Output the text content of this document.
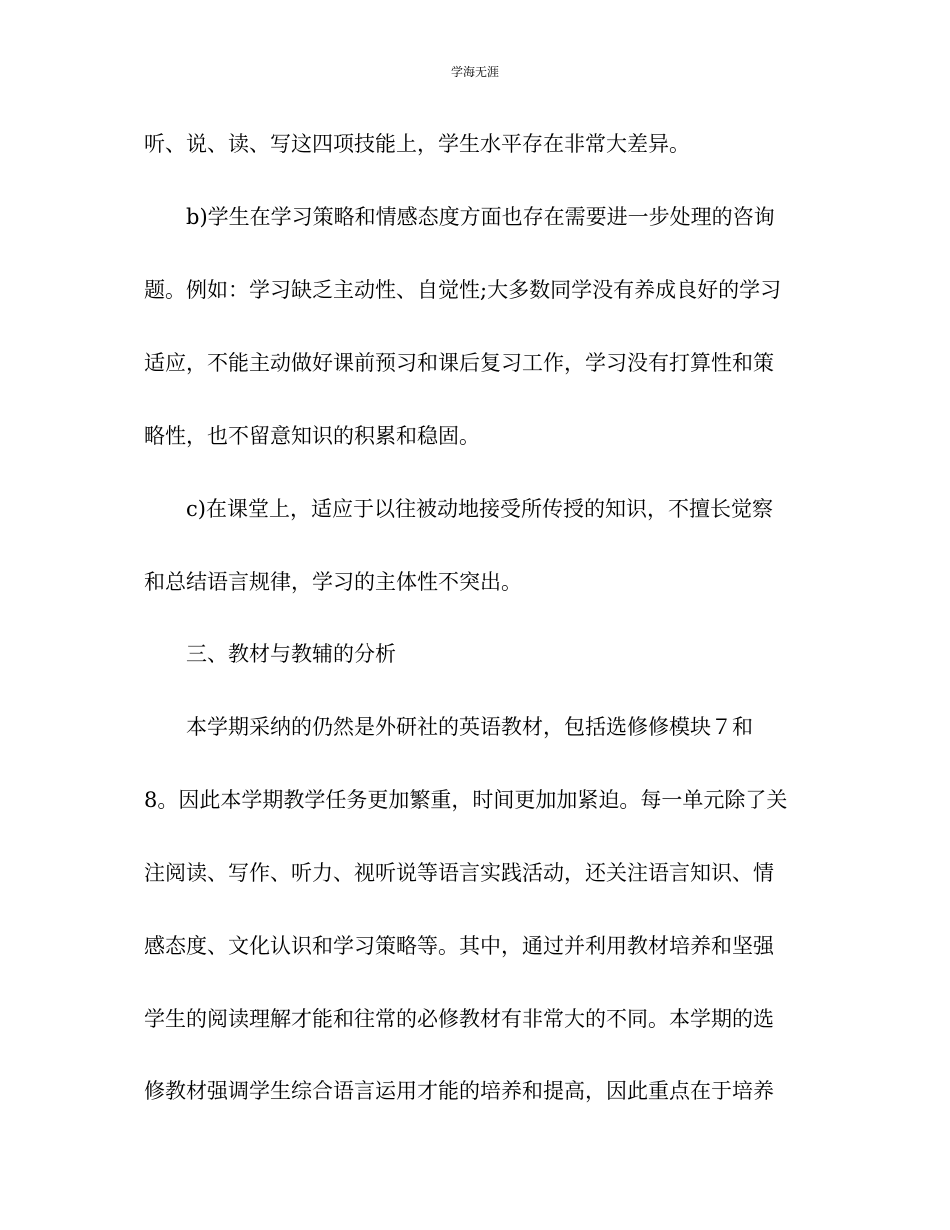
学海无涯
听、说、读、写这四项技能上，学生水平存在非常大差异。
b)学生在学习策略和情感态度方面也存在需要进一步处理的咨询
题。例如：学习缺乏主动性、自觉性;大多数同学没有养成良好的学习
适应，不能主动做好课前预习和课后复习工作，学习没有打算性和策
略性，也不留意知识的积累和稳固。
c)在课堂上，适应于以往被动地接受所传授的知识，不擅长觉察
和总结语言规律，学习的主体性不突出。
三、教材与教辅的分析
本学期采纳的仍然是外研社的英语教材，包括选修修模块７和
8。因此本学期教学任务更加繁重，时间更加加紧迫。每一单元除了关
注阅读、写作、听力、视听说等语言实践活动，还关注语言知识、情
感态度、文化认识和学习策略等。其中，通过并利用教材培养和坚强
学生的阅读理解才能和往常的必修教材有非常大的不同。本学期的选
修教材强调学生综合语言运用才能的培养和提高，因此重点在于培养
